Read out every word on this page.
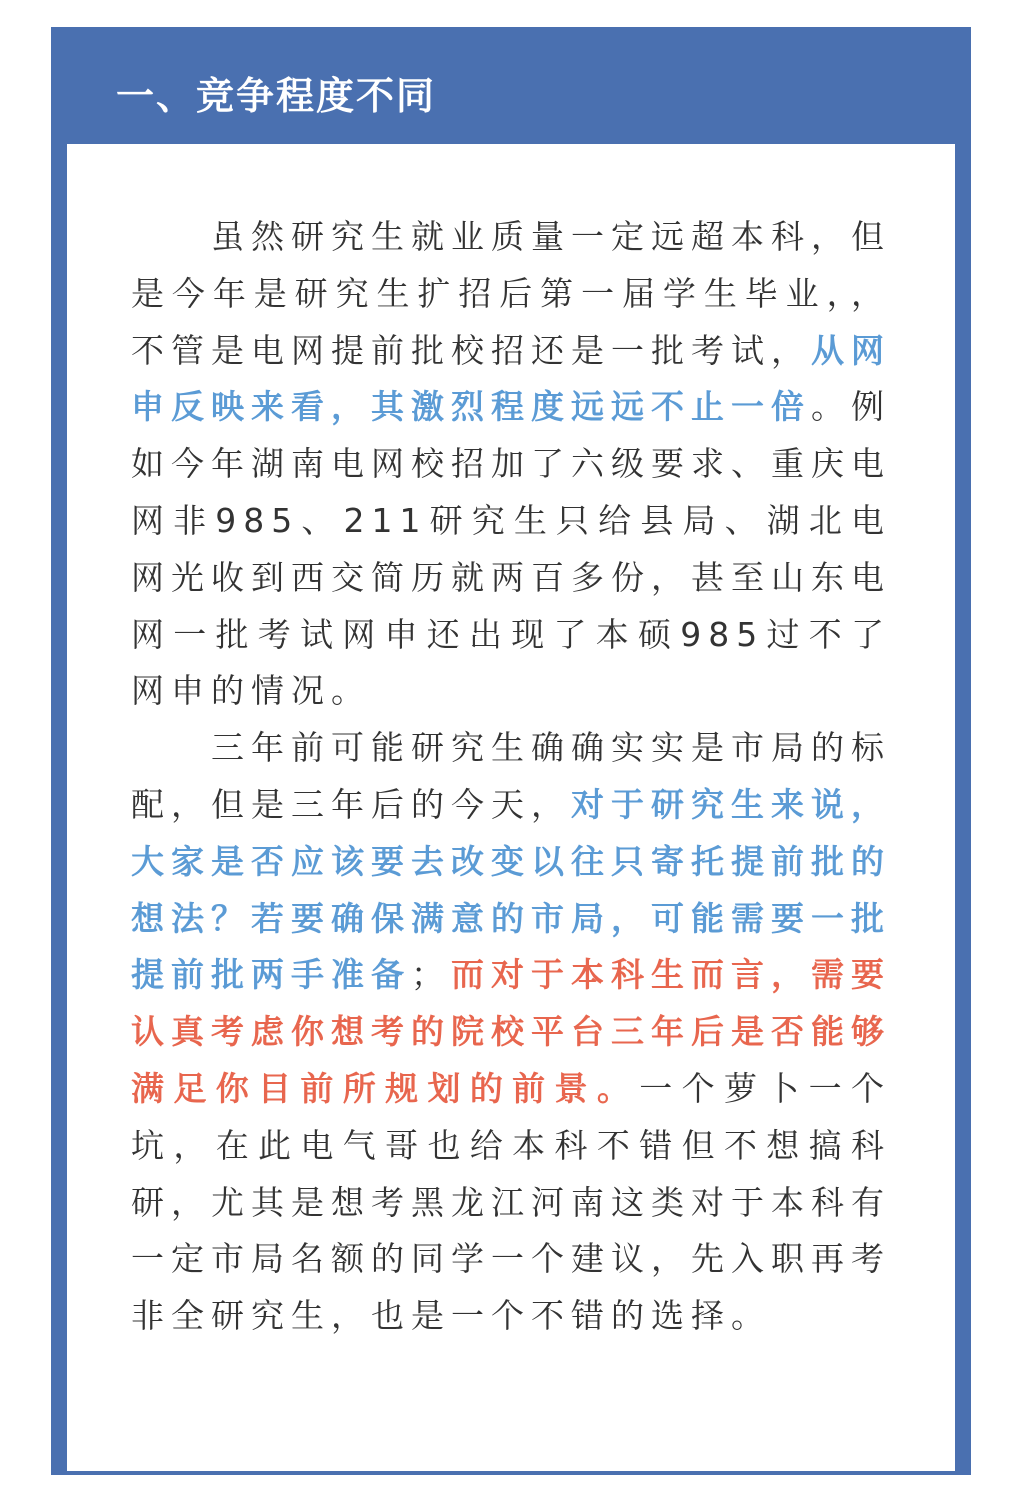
一、竞争程度不同

虽然研究生就业质量一定远超本科，但是今年是研究生扩招后第一届学生毕业，，不管是电网提前批校招还是一批考试，从网申反映来看，其激烈程度远远不止一倍。例如今年湖南电网校招加了六级要求、重庆电网非985、211研究生只给县局、湖北电网光收到西交简历就两百多份，甚至山东电网一批考试网申还出现了本硕985过不了网申的情况。

三年前可能研究生确确实实是市局的标配，但是三年后的今天，对于研究生来说，大家是否应该要去改变以往只寄托提前批的想法？若要确保满意的市局，可能需要一批提前批两手准备；而对于本科生而言，需要认真考虑你想考的院校平台三年后是否能够满足你目前所规划的前景。一个萝卜一个坑，在此电气哥也给本科不错但不想搞科研，尤其是想考黑龙江河南这类对于本科有一定市局名额的同学一个建议，先入职再考非全研究生，也是一个不错的选择。
